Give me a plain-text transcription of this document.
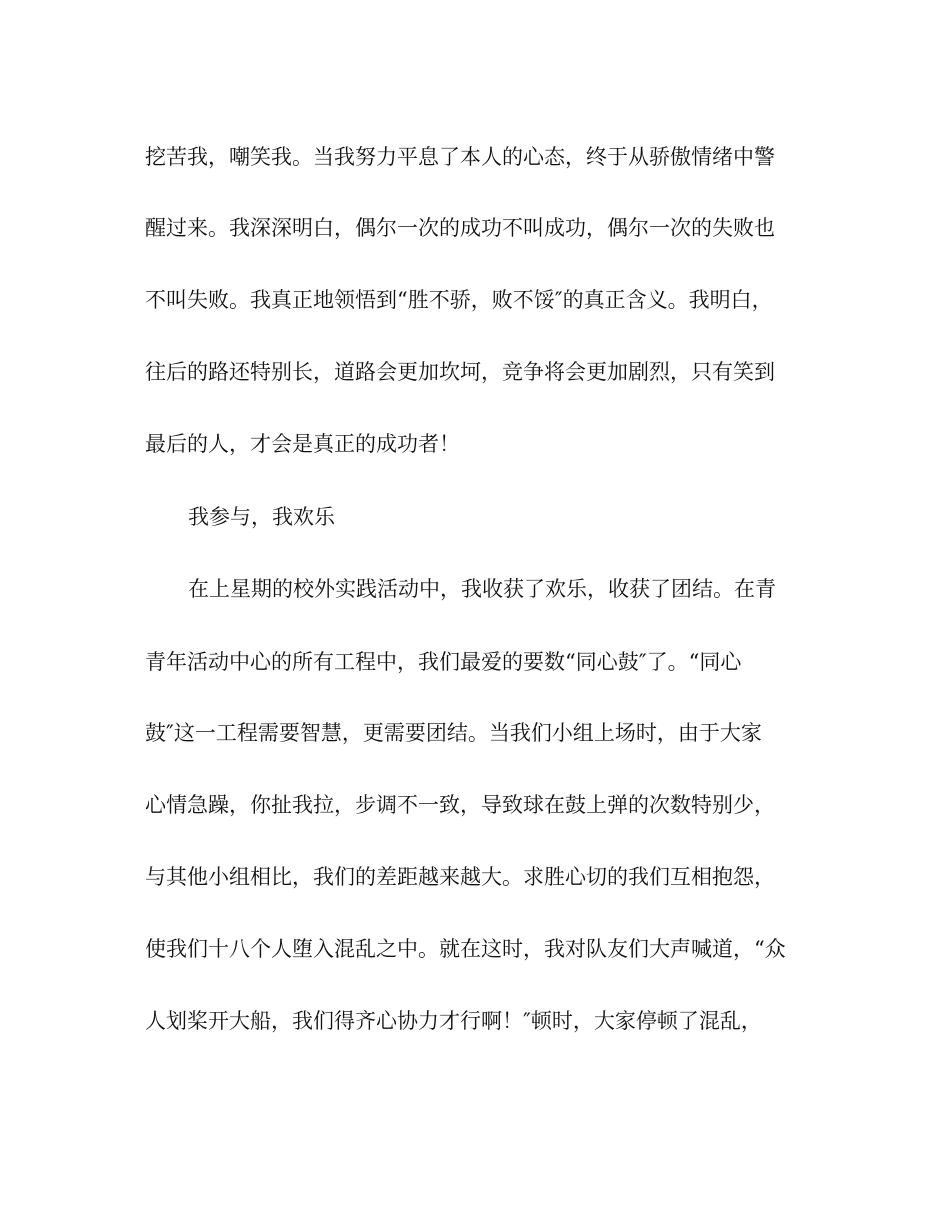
挖苦我，嘲笑我。当我努力平息了本人的心态，终于从骄傲情绪中警
醒过来。我深深明白，偶尔一次的成功不叫成功，偶尔一次的失败也
不叫失败。我真正地领悟到“胜不骄，败不馁″的真正含义。我明白，
往后的路还特别长，道路会更加坎坷，竞争将会更加剧烈，只有笑到
最后的人，才会是真正的成功者！
我参与，我欢乐
在上星期的校外实践活动中，我收获了欢乐，收获了团结。在青
青年活动中心的所有工程中，我们最爱的要数“同心鼓″了。“同心
鼓″这一工程需要智慧，更需要团结。当我们小组上场时，由于大家
心情急躁，你扯我拉，步调不一致，导致球在鼓上弹的次数特别少，
与其他小组相比，我们的差距越来越大。求胜心切的我们互相抱怨，
使我们十八个人堕入混乱之中。就在这时，我对队友们大声喊道，“众
人划桨开大船，我们得齐心协力才行啊！″顿时，大家停顿了混乱，
